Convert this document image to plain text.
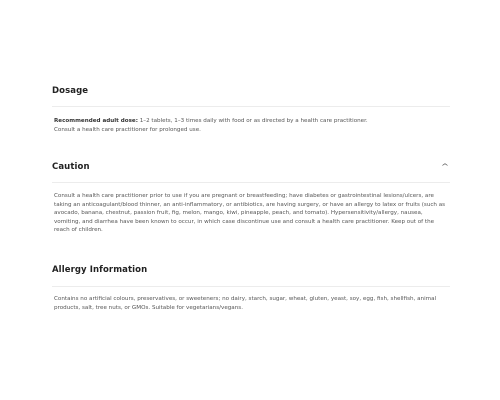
Dosage

Recommended adult dose: 1–2 tablets, 1–3 times daily with food or as directed by a health care practitioner.

Consult a health care practitioner for prolonged use.

Caution	^
Consult a health care practitioner prior to use if you are pregnant or breastfeeding; have diabetes or gastrointestinal lesions/ulcers, are taking an anticoagulant/blood thinner, an anti-inflammatory, or antibiotics, are having surgery, or have an allergy to latex or fruits (such as avocado, banana, chestnut, passion fruit, fig, melon, mango, kiwi, pineapple, peach, and tomato). Hypersensitivity/allergy, nausea, vomiting, and diarrhea have been known to occur, in which case discontinue use and consult a health care practitioner. Keep out of the reach of children.
Allergy Information
Contains no artificial colours, preservatives, or sweeteners; no dairy, starch, sugar, wheat, gluten, yeast, soy, egg, fish, shellfish, animal products, salt, tree nuts, or GMOs. Suitable for vegetarians/vegans.
